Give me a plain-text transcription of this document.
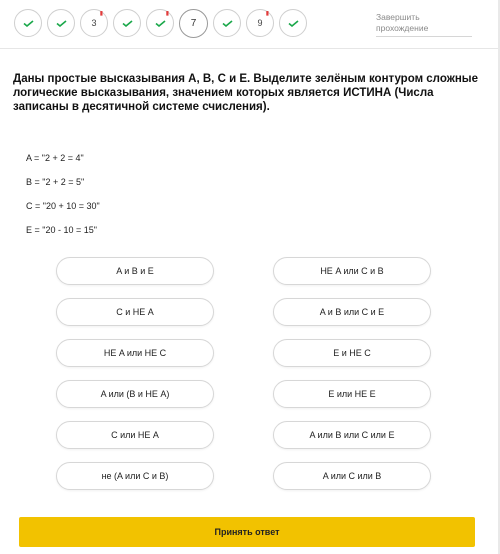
3
▮	▮
7	9
▮	Завершить прохождение
Даны простые высказывания A, B, C и E. Выделите зелёным контуром сложные логические высказывания, значением которых является ИСТИНА (Числа записаны в десятичной системе счисления).
A = "2 + 2 = 4"
B = "2 + 2 = 5"
C = "20 + 10 = 30"
E = "20 - 10 = 15"
A и B и E	НЕ A или C и B
C и НЕ A	A и B или C и E
НЕ A или НЕ C	E и НЕ C
A или (B и НЕ A)	E или НЕ E
C или НЕ A	A или B или C или E
не (A или C и B)	A или C или B
Принять ответ
